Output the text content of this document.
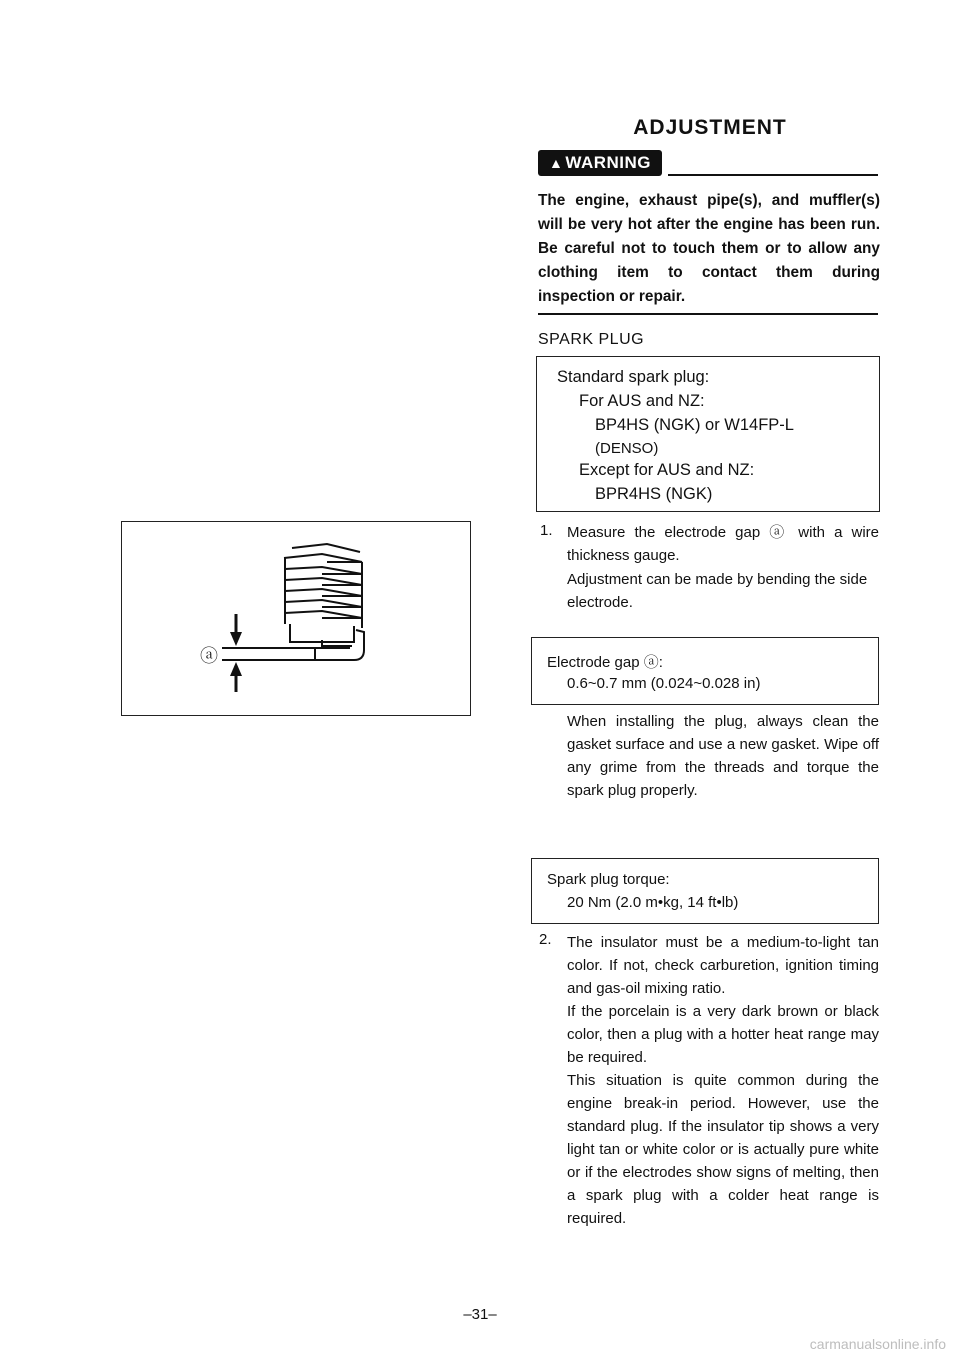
ADJUSTMENT
▲ WARNING
The engine, exhaust pipe(s), and muffler(s) will be very hot after the engine has been run. Be careful not to touch them or to allow any clothing item to contact them during inspection or repair.
SPARK PLUG
Standard spark plug:
For AUS and NZ:
BP4HS (NGK) or W14FP-L
(DENSO)
Except for AUS and NZ:
BPR4HS (NGK)
1. Measure the electrode gap ⓐ with a wire thickness gauge.
Adjustment can be made by bending the side electrode.
Electrode gap ⓐ:
0.6~0.7 mm (0.024~0.028 in)
When installing the plug, always clean the gasket surface and use a new gasket. Wipe off any grime from the threads and torque the spark plug properly.
Spark plug torque:
20 Nm (2.0 m•kg, 14 ft•lb)
2. The insulator must be a medium-to-light tan color. If not, check carburetion, ignition timing and gas-oil mixing ratio.
If the porcelain is a very dark brown or black color, then a plug with a hotter heat range may be required.
This situation is quite common during the engine break-in period. However, use the standard plug. If the insulator tip shows a very light tan or white color or is actually pure white or if the electrodes show signs of melting, then a spark plug with a colder heat range is required.
ⓐ
–31–
carmanualsonline.info
